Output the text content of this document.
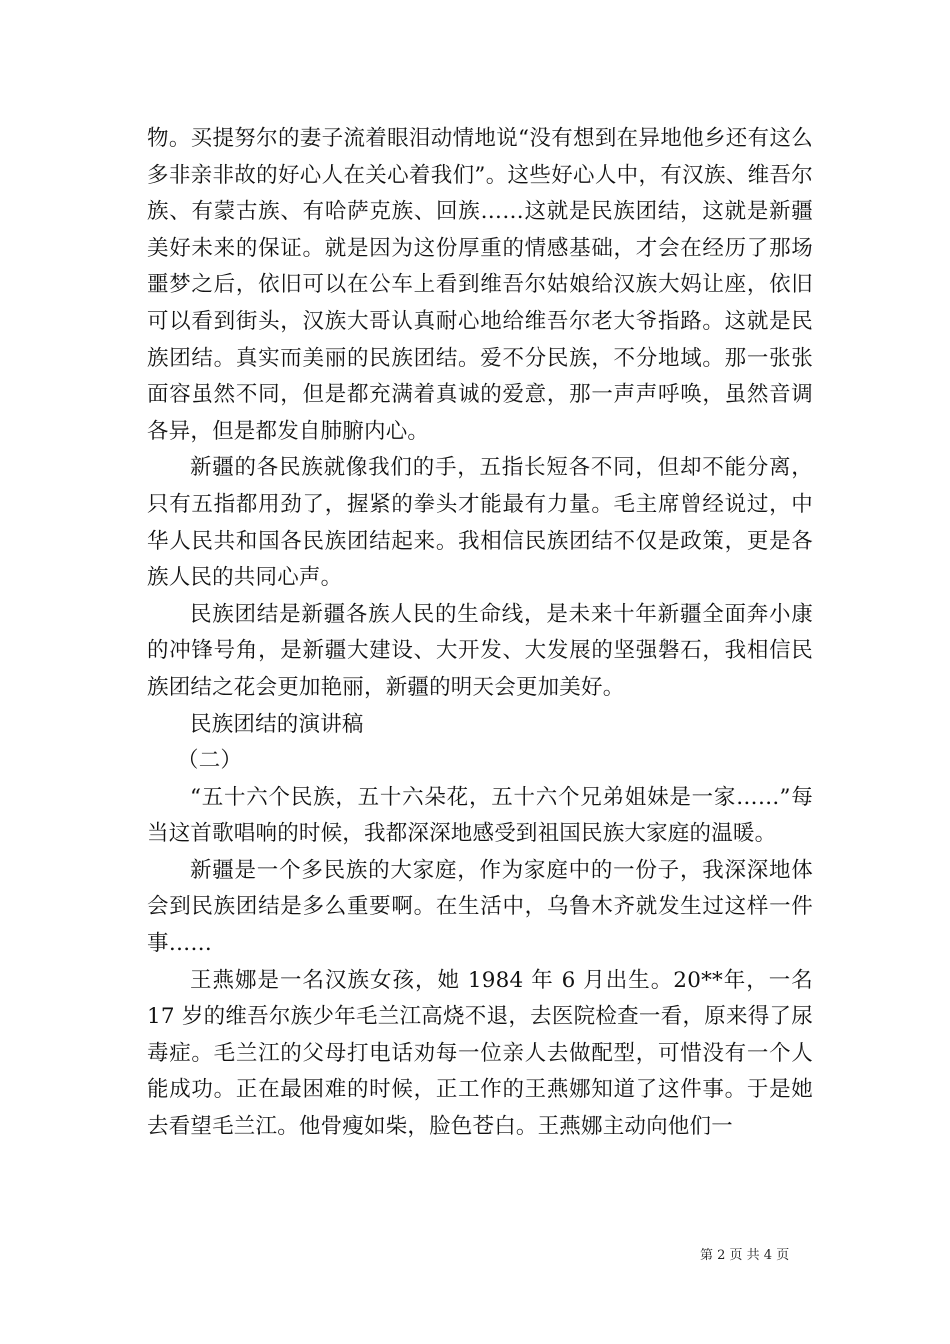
物。买提努尔的妻子流着眼泪动情地说“没有想到在异地他乡还有这么多非亲非故的好心人在关心着我们”。这些好心人中，有汉族、维吾尔族、有蒙古族、有哈萨克族、回族……这就是民族团结，这就是新疆美好未来的保证。就是因为这份厚重的情感基础，才会在经历了那场噩梦之后，依旧可以在公车上看到维吾尔姑娘给汉族大妈让座，依旧可以看到街头，汉族大哥认真耐心地给维吾尔老大爷指路。这就是民族团结。真实而美丽的民族团结。爱不分民族，不分地域。那一张张面容虽然不同，但是都充满着真诚的爱意，那一声声呼唤，虽然音调各异，但是都发自肺腑内心。

新疆的各民族就像我们的手，五指长短各不同，但却不能分离，只有五指都用劲了，握紧的拳头才能最有力量。毛主席曾经说过，中华人民共和国各民族团结起来。我相信民族团结不仅是政策，更是各族人民的共同心声。

民族团结是新疆各族人民的生命线，是未来十年新疆全面奔小康的冲锋号角，是新疆大建设、大开发、大发展的坚强磐石，我相信民族团结之花会更加艳丽，新疆的明天会更加美好。

民族团结的演讲稿

（二）

“五十六个民族，五十六朵花，五十六个兄弟姐妹是一家……”每当这首歌唱响的时候，我都深深地感受到祖国民族大家庭的温暖。

新疆是一个多民族的大家庭，作为家庭中的一份子，我深深地体会到民族团结是多么重要啊。在生活中，乌鲁木齐就发生过这样一件事……

王燕娜是一名汉族女孩，她 1984 年 6 月出生。20**年，一名 17 岁的维吾尔族少年毛兰江高烧不退，去医院检查一看，原来得了尿毒症。毛兰江的父母打电话劝每一位亲人去做配型，可惜没有一个人能成功。正在最困难的时候，正工作的王燕娜知道了这件事。于是她去看望毛兰江。他骨瘦如柴，脸色苍白。王燕娜主动向他们一

第 2 页 共 4 页
